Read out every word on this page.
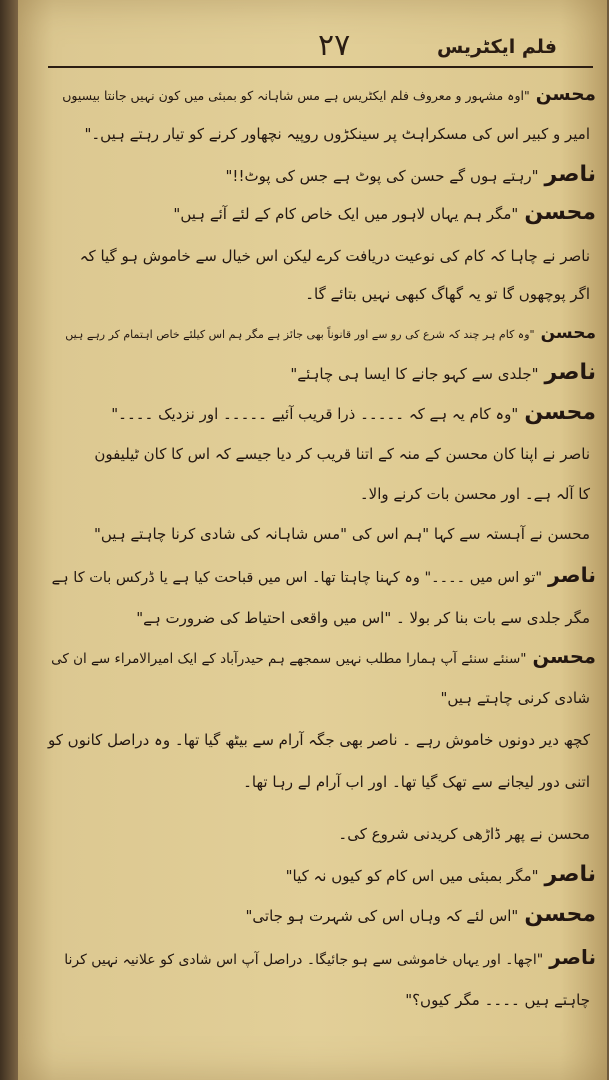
فلم ایکٹریس
۲۷
محسن"اوہ مشہور و معروف فلم ایکٹریس ہے مس شاہانہ کو بمبئی میں کون نہیں جانتا بیسیوں
امیر و کبیر اس کی مسکراہٹ پر سینکڑوں روپیہ نچھاور کرنے کو تیار رہتے ہیں۔"
ناصر"رہتے ہوں گے حسن کی پوٹ ہے جس کی پوٹ!!"
محسن"مگر ہم یہاں لاہور میں ایک خاص کام کے لئے آئے ہیں"
ناصر نے چاہا کہ کام کی نوعیت دریافت کرے لیکن اس خیال سے خاموش ہو گیا کہ
اگر پوچھوں گا تو یہ گھاگ کبھی نہیں بتائے گا۔
محسن"وہ کام ہر چند کہ شرع کی رو سے اور قانوناً بھی جائز ہے مگر ہم اس کیلئے خاص اہتمام کر رہے ہیں
ناصر"جلدی سے کہو جانے کا ایسا ہی چاہئے"
محسن"وہ کام یہ ہے کہ ۔۔۔۔۔ ذرا قریب آئیے ۔۔۔۔۔ اور نزدیک ۔۔۔۔"
ناصر نے اپنا کان محسن کے منہ کے اتنا قریب کر دیا جیسے کہ اس کا کان ٹیلیفون
کا آلہ ہے۔ اور محسن بات کرنے والا۔
محسن نے آہستہ سے کہا "ہم اس کی "مس شاہانہ کی شادی کرنا چاہتے ہیں"
ناصر"تو اس میں ۔۔۔۔" وہ کہنا چاہتا تھا۔ اس میں قباحت کیا ہے یا ڈرکس بات کا ہے
مگر جلدی سے بات بنا کر بولا ۔ "اس میں واقعی احتیاط کی ضرورت ہے"
محسن"سنئے سنئے آپ ہمارا مطلب نہیں سمجھے ہم حیدرآباد کے ایک امیرالامراء سے ان کی
شادی کرنی چاہتے ہیں"
کچھ دیر دونوں خاموش رہے ۔ ناصر بھی جگہ آرام سے بیٹھ گیا تھا۔ وہ دراصل کانوں کو
اتنی دور لیجانے سے تھک گیا تھا۔ اور اب آرام لے رہا تھا۔
محسن نے پھر ڈاڑھی کریدنی شروع کی۔
ناصر"مگر بمبئی میں اس کام کو کیوں نہ کیا"
محسن"اس لئے کہ وہاں اس کی شہرت ہو جاتی"
ناصر"اچھا۔ اور یہاں خاموشی سے ہو جائیگا۔ دراصل آپ اس شادی کو علانیہ نہیں کرنا
چاہتے ہیں ۔۔۔۔ مگر کیوں؟"
